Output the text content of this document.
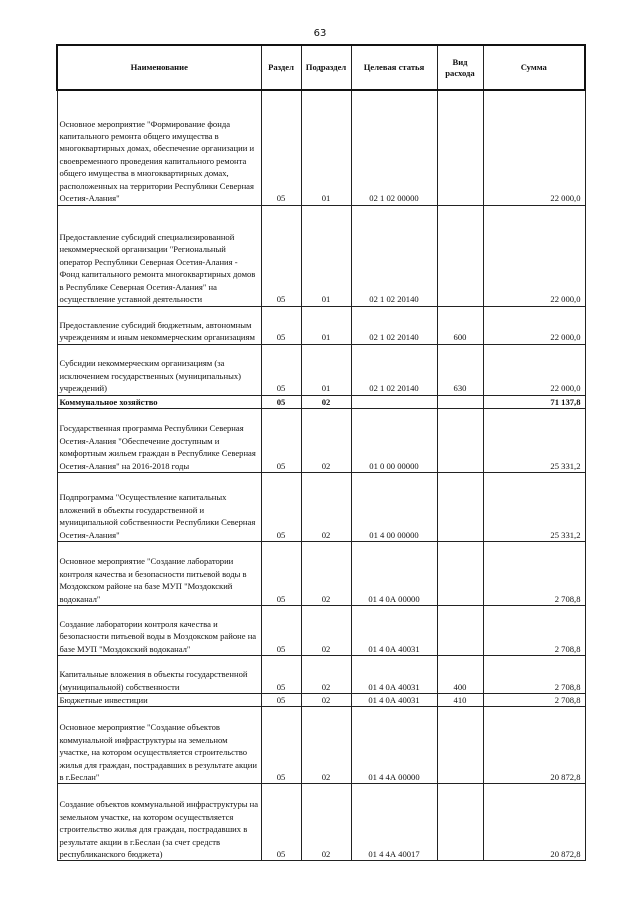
63
Наименование	Раздел	Подраздел	Целевая статья	Вид расхода	Сумма
Основное мероприятие "Формирование фонда капитального ремонта общего имущества в многоквартирных домах, обеспечение организации и своевременного проведения капитального ремонта общего имущества в многоквартирных домах, расположенных на территории Республики Северная Осетия-Алания"	05	01	02 1 02 00000		22 000,0
Предоставление субсидий специализированной некоммерческой организации "Региональный оператор Республики Северная Осетия-Алания - Фонд капитального ремонта многоквартирных домов в Республике Северная Осетия-Алания" на осуществление уставной деятельности	05	01	02 1 02 20140		22 000,0
Предоставление субсидий бюджетным, автономным учреждениям и иным некоммерческим организациям	05	01	02 1 02 20140	600	22 000,0
Субсидии некоммерческим организациям (за исключением государственных (муниципальных) учреждений)	05	01	02 1 02 20140	630	22 000,0
Коммунальное хозяйство	05	02			71 137,8
Государственная программа Республики Северная Осетия-Алания "Обеспечение доступным и комфортным жильем граждан в Республике Северная Осетия-Алания" на 2016-2018 годы	05	02	01 0 00 00000		25 331,2
Подпрограмма "Осуществление капитальных вложений в объекты государственной и муниципальной собственности Республики Северная Осетия-Алания"	05	02	01 4 00 00000		25 331,2
Основное мероприятие "Создание лаборатории контроля качества и безопасности питьевой воды в Моздокском районе на базе МУП "Моздокский водоканал"	05	02	01 4 0А 00000		2 708,8
Создание лаборатории контроля качества и безопасности питьевой воды в Моздокском районе на базе МУП "Моздокский водоканал"	05	02	01 4 0А 40031		2 708,8
Капитальные вложения в объекты государственной (муниципальной) собственности	05	02	01 4 0А 40031	400	2 708,8
Бюджетные инвестиции	05	02	01 4 0А 40031	410	2 708,8
Основное мероприятие "Создание объектов коммунальной инфраструктуры на земельном участке, на котором осуществляется строительство жилья для граждан, пострадавших в результате акции в г.Беслан"	05	02	01 4 4А 00000		20 872,8
Создание объектов коммунальной инфраструктуры на земельном участке, на котором осуществляется строительство жилья для граждан, пострадавших в результате акции в г.Беслан (за счет средств республиканского бюджета)	05	02	01 4 4А 40017		20 872,8
